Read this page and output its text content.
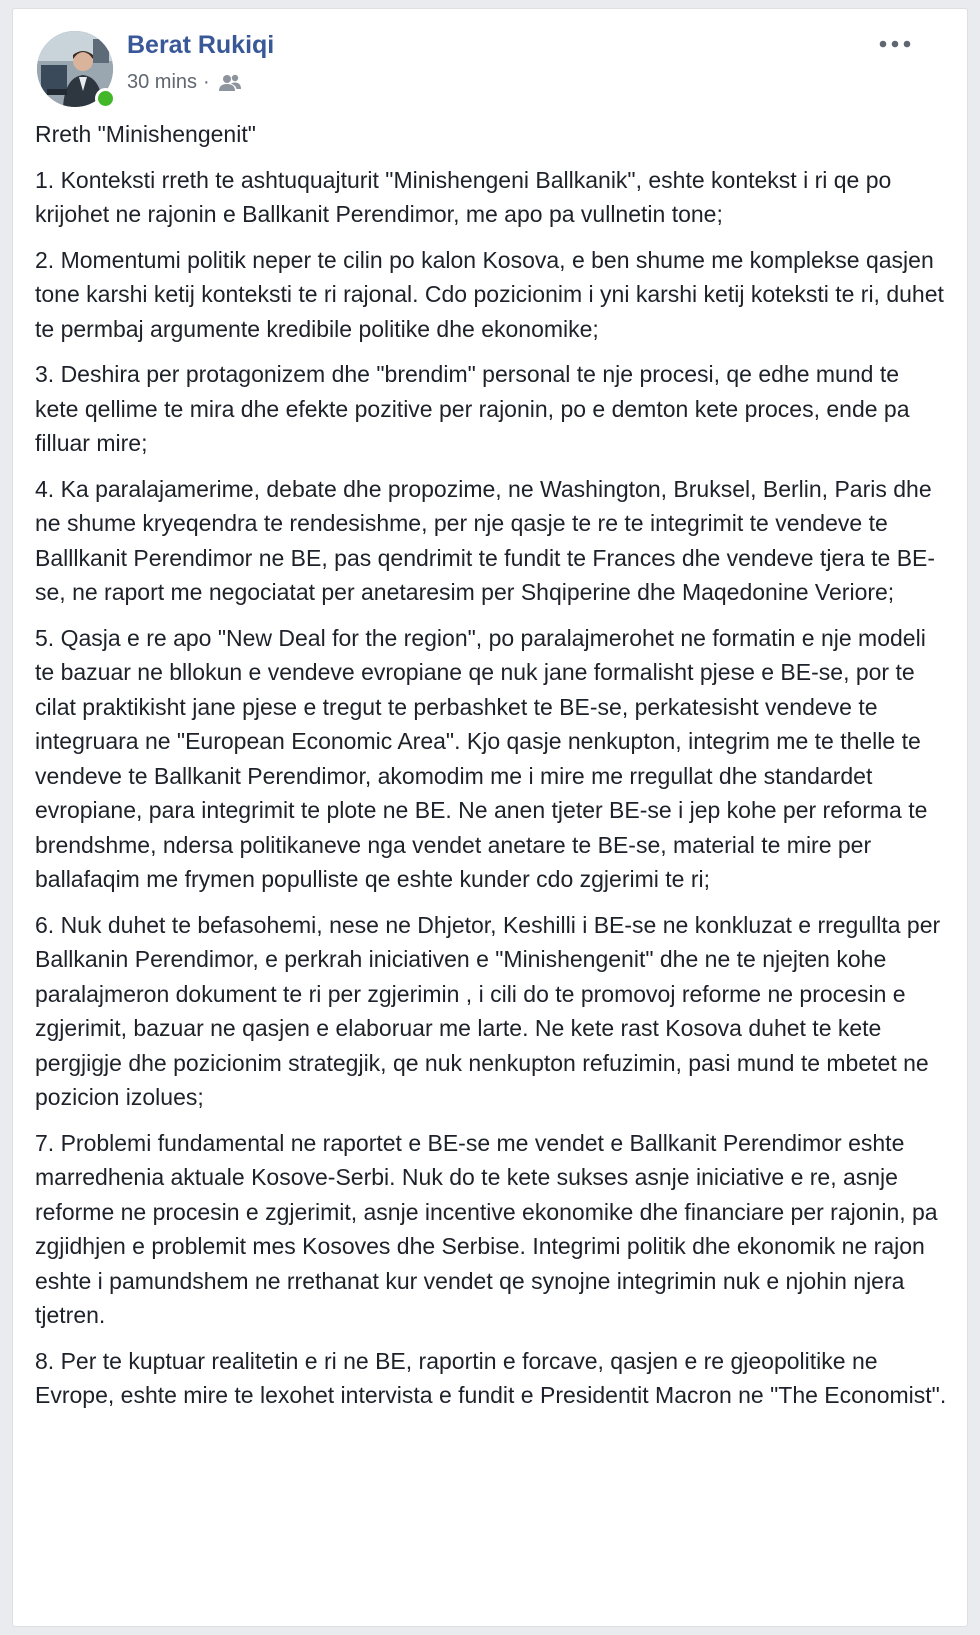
Berat Rukiqi
30 mins ·

Rreth "Minishengenit"

1. Konteksti rreth te ashtuquajturit "Minishengeni Ballkanik", eshte kontekst i ri qe po krijohet ne rajonin e Ballkanit Perendimor, me apo pa vullnetin tone;

2. Momentumi politik neper te cilin po kalon Kosova, e ben shume me komplekse qasjen tone karshi ketij konteksti te ri rajonal. Cdo pozicionim i yni karshi ketij koteksti te ri, duhet te permbaj argumente kredibile politike dhe ekonomike;

3. Deshira per protagonizem dhe "brendim" personal te nje procesi, qe edhe mund te kete qellime te mira dhe efekte pozitive per rajonin, po e demton kete proces, ende pa filluar mire;

4. Ka paralajamerime, debate dhe propozime, ne Washington, Bruksel, Berlin, Paris dhe ne shume kryeqendra te rendesishme, per nje qasje te re te integrimit te vendeve te Balllkanit Perendimor ne BE, pas qendrimit te fundit te Frances dhe vendeve tjera te BE-se, ne raport me negociatat per anetaresim per Shqiperine dhe Maqedonine Veriore;

5. Qasja e re apo "New Deal for the region", po paralajmerohet ne formatin e nje modeli te bazuar ne bllokun e vendeve evropiane qe nuk jane formalisht pjese e BE-se, por te cilat praktikisht jane pjese e tregut te perbashket te BE-se, perkatesisht vendeve te integruara ne "European Economic Area". Kjo qasje nenkupton, integrim me te thelle te vendeve te Ballkanit Perendimor, akomodim me i mire me rregullat dhe standardet evropiane, para integrimit te plote ne BE. Ne anen tjeter BE-se i jep kohe per reforma te brendshme, ndersa politikaneve nga vendet anetare te BE-se, material te mire per ballafaqim me frymen populliste qe eshte kunder cdo zgjerimi te ri;

6. Nuk duhet te befasohemi, nese ne Dhjetor, Keshilli i BE-se ne konkluzat e rregullta per Ballkanin Perendimor, e perkrah iniciativen e "Minishengenit" dhe ne te njejten kohe paralajmeron dokument te ri per zgjerimin , i cili do te promovoj reforme ne procesin e zgjerimit, bazuar ne qasjen e elaboruar me larte. Ne kete rast Kosova duhet te kete pergjigje dhe pozicionim strategjik, qe nuk nenkupton refuzimin, pasi mund te mbetet ne pozicion izolues;

7. Problemi fundamental ne raportet e BE-se me vendet e Ballkanit Perendimor eshte marredhenia aktuale Kosove-Serbi. Nuk do te kete sukses asnje iniciative e re, asnje reforme ne procesin e zgjerimit, asnje incentive ekonomike dhe financiare per rajonin, pa zgjidhjen e problemit mes Kosoves dhe Serbise. Integrimi politik dhe ekonomik ne rajon eshte i pamundshem ne rrethanat kur vendet qe synojne integrimin nuk e njohin njera tjetren.

8. Per te kuptuar realitetin e ri ne BE, raportin e forcave, qasjen e re gjeopolitike ne Evrope, eshte mire te lexohet intervista e fundit e Presidentit Macron ne "The Economist".
